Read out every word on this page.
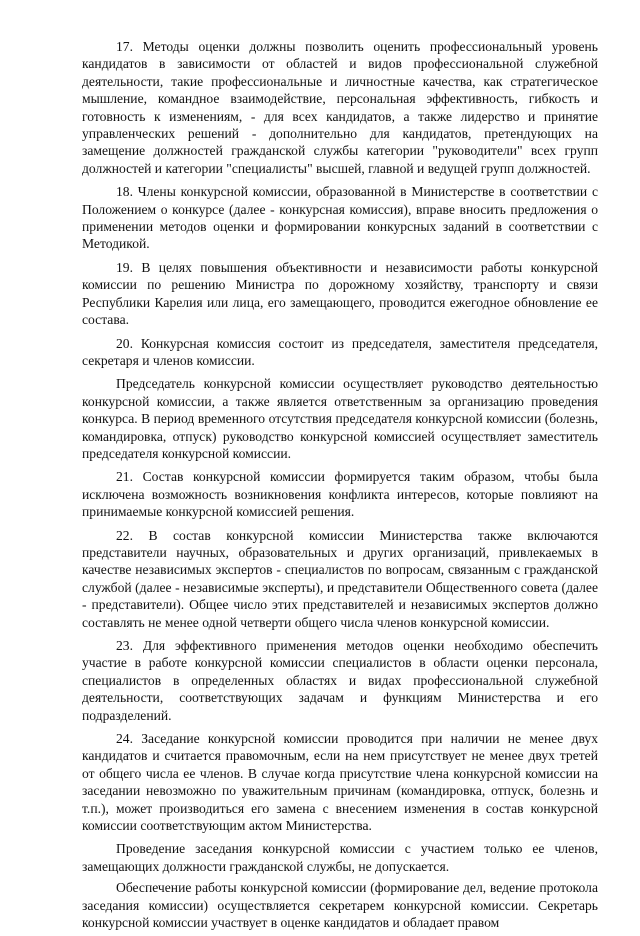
17. Методы оценки должны позволить оценить профессиональный уровень кандидатов в зависимости от областей и видов профессиональной служебной деятельности, такие профессиональные и личностные качества, как стратегическое мышление, командное взаимодействие, персональная эффективность, гибкость и готовность к изменениям, - для всех кандидатов, а также лидерство и принятие управленческих решений - дополнительно для кандидатов, претендующих на замещение должностей гражданской службы категории "руководители" всех групп должностей и категории "специалисты" высшей, главной и ведущей групп должностей.

18. Члены конкурсной комиссии, образованной в Министерстве в соответствии с Положением о конкурсе (далее - конкурсная комиссия), вправе вносить предложения о применении методов оценки и формировании конкурсных заданий в соответствии с Методикой.

19. В целях повышения объективности и независимости работы конкурсной комиссии по решению Министра по дорожному хозяйству, транспорту и связи Республики Карелия или лица, его замещающего, проводится ежегодное обновление ее состава.

20. Конкурсная комиссия состоит из председателя, заместителя председателя, секретаря и членов комиссии.

Председатель конкурсной комиссии осуществляет руководство деятельностью конкурсной комиссии, а также является ответственным за организацию проведения конкурса. В период временного отсутствия председателя конкурсной комиссии (болезнь, командировка, отпуск) руководство конкурсной комиссией осуществляет заместитель председателя конкурсной комиссии.

21. Состав конкурсной комиссии формируется таким образом, чтобы была исключена возможность возникновения конфликта интересов, которые повлияют на принимаемые конкурсной комиссией решения.

22. В состав конкурсной комиссии Министерства также включаются представители научных, образовательных и других организаций, привлекаемых в качестве независимых экспертов - специалистов по вопросам, связанным с гражданской службой (далее - независимые эксперты), и представители Общественного совета (далее - представители). Общее число этих представителей и независимых экспертов должно составлять не менее одной четверти общего числа членов конкурсной комиссии.

23. Для эффективного применения методов оценки необходимо обеспечить участие в работе конкурсной комиссии специалистов в области оценки персонала, специалистов в определенных областях и видах профессиональной служебной деятельности, соответствующих задачам и функциям Министерства и его подразделений.

24. Заседание конкурсной комиссии проводится при наличии не менее двух кандидатов и считается правомочным, если на нем присутствует не менее двух третей от общего числа ее членов. В случае когда присутствие члена конкурсной комиссии на заседании невозможно по уважительным причинам (командировка, отпуск, болезнь и т.п.), может производиться его замена с внесением изменения в состав конкурсной комиссии соответствующим актом Министерства.

Проведение заседания конкурсной комиссии с участием только ее членов, замещающих должности гражданской службы, не допускается.

Обеспечение работы конкурсной комиссии (формирование дел, ведение протокола заседания комиссии) осуществляется секретарем конкурсной комиссии. Секретарь конкурсной комиссии участвует в оценке кандидатов и обладает правом
